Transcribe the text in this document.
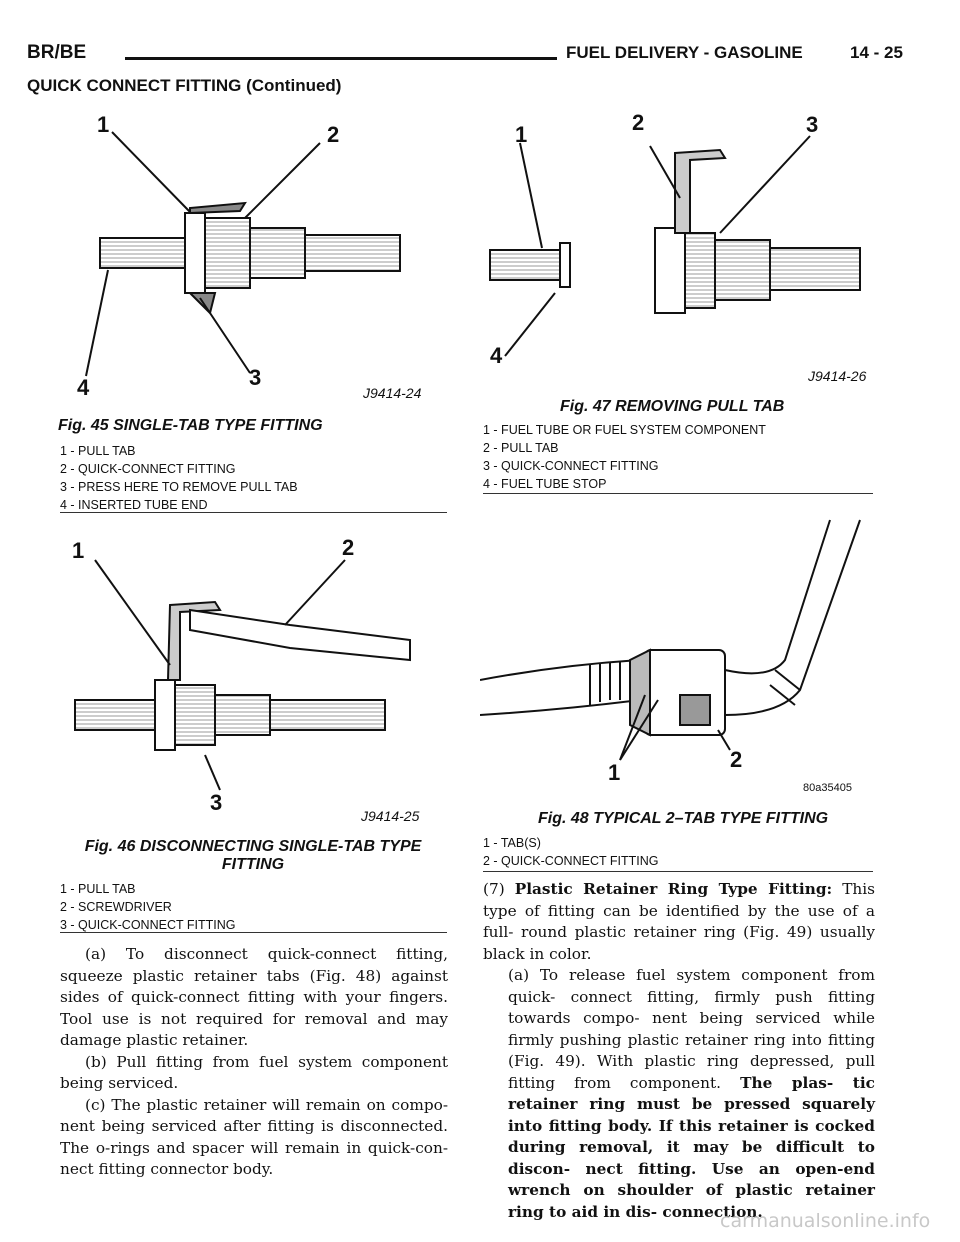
BR/BE	FUEL DELIVERY - GASOLINE	14 - 25
QUICK CONNECT FITTING (Continued)
1	2
3
4	J9414-24
Fig. 45 SINGLE-TAB TYPE FITTING
1 - PULL TAB
2 - QUICK-CONNECT FITTING
3 - PRESS HERE TO REMOVE PULL TAB
4 - INSERTED TUBE END
1	2
3
J9414-25
Fig. 46 DISCONNECTING SINGLE-TAB TYPE
FITTING
1 - PULL TAB
2 - SCREWDRIVER
3 - QUICK-CONNECT FITTING

(a) To disconnect quick-connect fitting, squeeze plastic retainer tabs (Fig. 48) against sides of quick-connect fitting with your fingers. Tool use is not required for removal and may damage plastic retainer.

(b) Pull fitting from fuel system component being serviced.

(c) The plastic retainer will remain on compo- nent being serviced after fitting is disconnected. The o-rings and spacer will remain in quick-con- nect fitting connector body.

1	2	3
4
J9414-26
Fig. 47 REMOVING PULL TAB
1 - FUEL TUBE OR FUEL SYSTEM COMPONENT
2 - PULL TAB
3 - QUICK-CONNECT FITTING
4 - FUEL TUBE STOP
1
2
80a35405
Fig. 48 TYPICAL 2–TAB TYPE FITTING
1 - TAB(S)
2 - QUICK-CONNECT FITTING

(7) Plastic Retainer Ring Type Fitting: This type of fitting can be identified by the use of a full- round plastic retainer ring (Fig. 49) usually black in color.

(a) To release fuel system component from quick- connect fitting, firmly push fitting towards compo- nent being serviced while firmly pushing plastic retainer ring into fitting (Fig. 49). With plastic ring depressed, pull fitting from component. The plas- tic retainer ring must be pressed squarely into fitting body. If this retainer is cocked during removal, it may be difficult to discon- nect fitting. Use an open-end wrench on shoulder of plastic retainer ring to aid in dis- connection.

carmanualsonline.info
